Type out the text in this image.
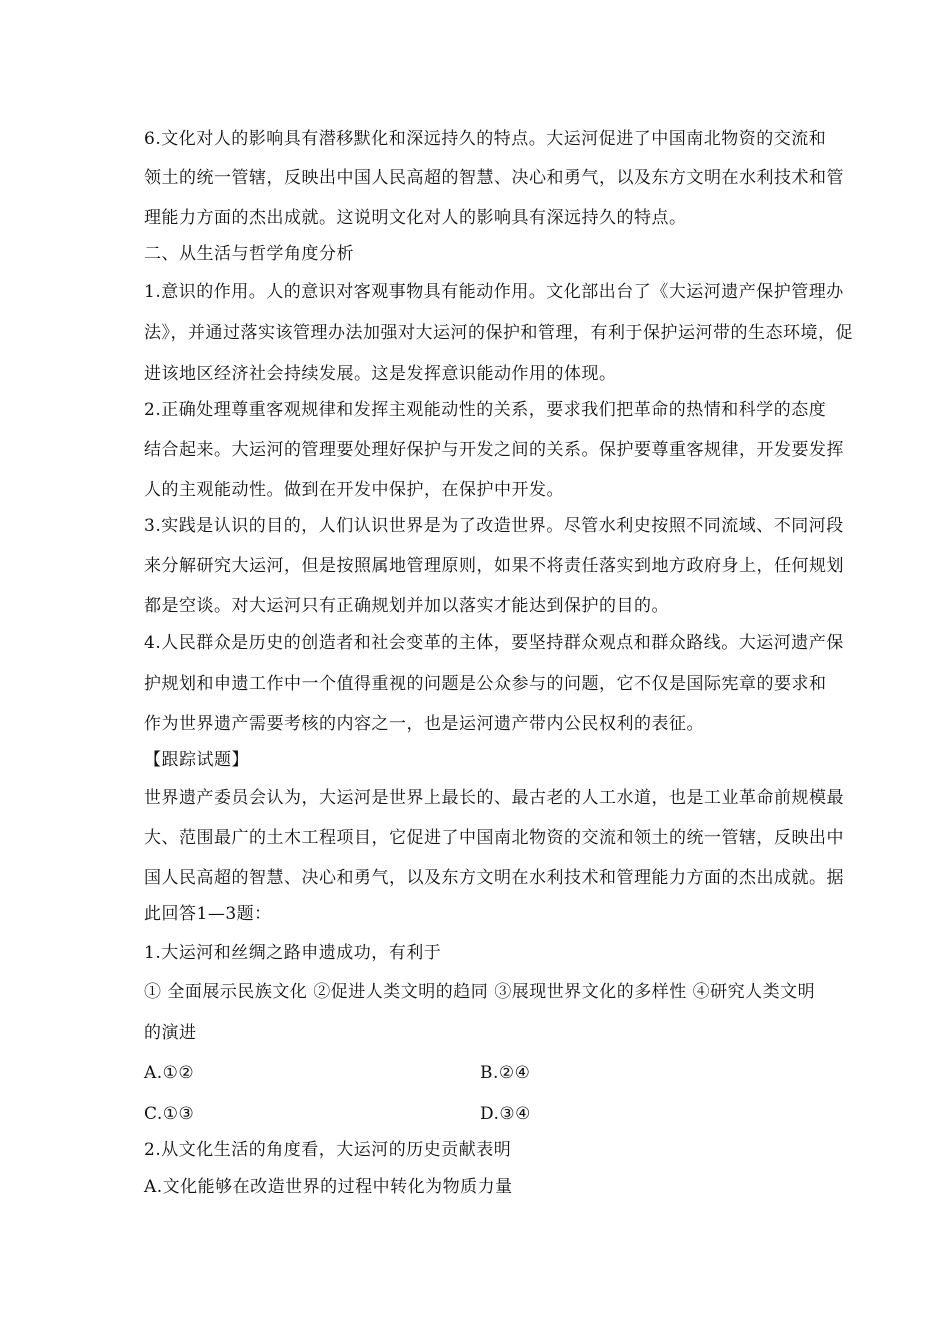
6.文化对人的影响具有潜移默化和深远持久的特点。大运河促进了中国南北物资的交流和
领土的统一管辖，反映出中国人民高超的智慧、决心和勇气，以及东方文明在水利技术和管
理能力方面的杰出成就。这说明文化对人的影响具有深远持久的特点。
二、从生活与哲学角度分析
1.意识的作用。人的意识对客观事物具有能动作用。文化部出台了《大运河遗产保护管理办
法》，并通过落实该管理办法加强对大运河的保护和管理，有利于保护运河带的生态环境，促
进该地区经济社会持续发展。这是发挥意识能动作用的体现。
2.正确处理尊重客观规律和发挥主观能动性的关系，要求我们把革命的热情和科学的态度
结合起来。大运河的管理要处理好保护与开发之间的关系。保护要尊重客规律，开发要发挥
人的主观能动性。做到在开发中保护，在保护中开发。
3.实践是认识的目的，人们认识世界是为了改造世界。尽管水利史按照不同流域、不同河段
来分解研究大运河，但是按照属地管理原则，如果不将责任落实到地方政府身上，任何规划
都是空谈。对大运河只有正确规划并加以落实才能达到保护的目的。
4.人民群众是历史的创造者和社会变革的主体，要坚持群众观点和群众路线。大运河遗产保
护规划和申遗工作中一个值得重视的问题是公众参与的问题，它不仅是国际宪章的要求和
作为世界遗产需要考核的内容之一，也是运河遗产带内公民权利的表征。
【跟踪试题】
世界遗产委员会认为，大运河是世界上最长的、最古老的人工水道，也是工业革命前规模最
大、范围最广的土木工程项目，它促进了中国南北物资的交流和领土的统一管辖，反映出中
国人民高超的智慧、决心和勇气，以及东方文明在水利技术和管理能力方面的杰出成就。据
此回答1—3题：
1.大运河和丝绸之路申遗成功，有利于
① 全面展示民族文化 ②促进人类文明的趋同 ③展现世界文化的多样性 ④研究人类文明
的演进
A.①②	B.②④
C.①③	D.③④
2.从文化生活的角度看，大运河的历史贡献表明
A.文化能够在改造世界的过程中转化为物质力量
